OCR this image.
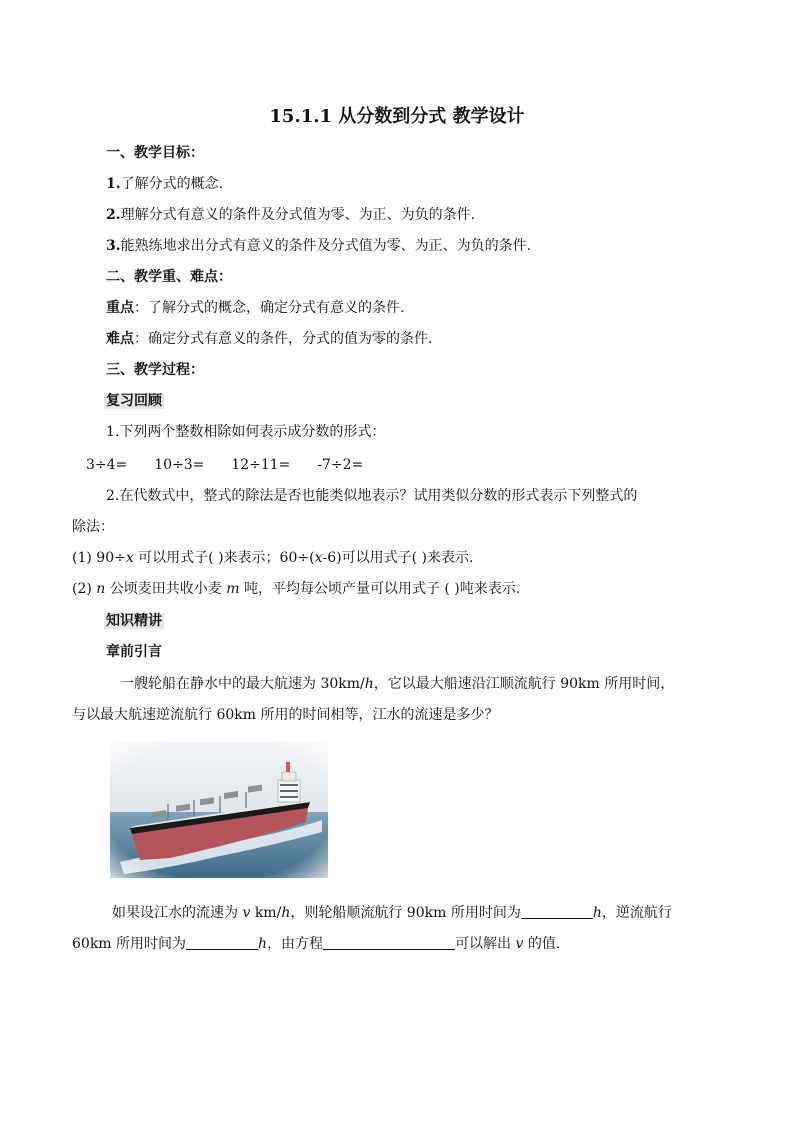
15.1.1 从分数到分式 教学设计
一、教学目标：
1.了解分式的概念.
2.理解分式有意义的条件及分式值为零、为正、为负的条件.
3.能熟练地求出分式有意义的条件及分式值为零、为正、为负的条件.
二、教学重、难点：
重点：了解分式的概念，确定分式有意义的条件.
难点：确定分式有意义的条件，分式的值为零的条件.
三、教学过程：
复习回顾
1.下列两个整数相除如何表示成分数的形式：
3÷4= 10÷3= 12÷11= -7÷2=
2.在代数式中，整式的除法是否也能类似地表示？试用类似分数的形式表示下列整式的
除法：
(1) 90÷x 可以用式子( )来表示；60÷(x-6)可以用式子( )来表示.
(2) n 公顷麦田共收小麦 m 吨，平均每公顷产量可以用式子 ( )吨来表示.
知识精讲
章前引言
一艘轮船在静水中的最大航速为 30km/h，它以最大船速沿江顺流航行 90km 所用时间，
与以最大航速逆流航行 60km 所用的时间相等，江水的流速是多少？
如果设江水的流速为 v km/h，则轮船顺流航行 90km 所用时间为	h，逆流航行
60km 所用时间为	h，由方程	可以解出 v 的值.
